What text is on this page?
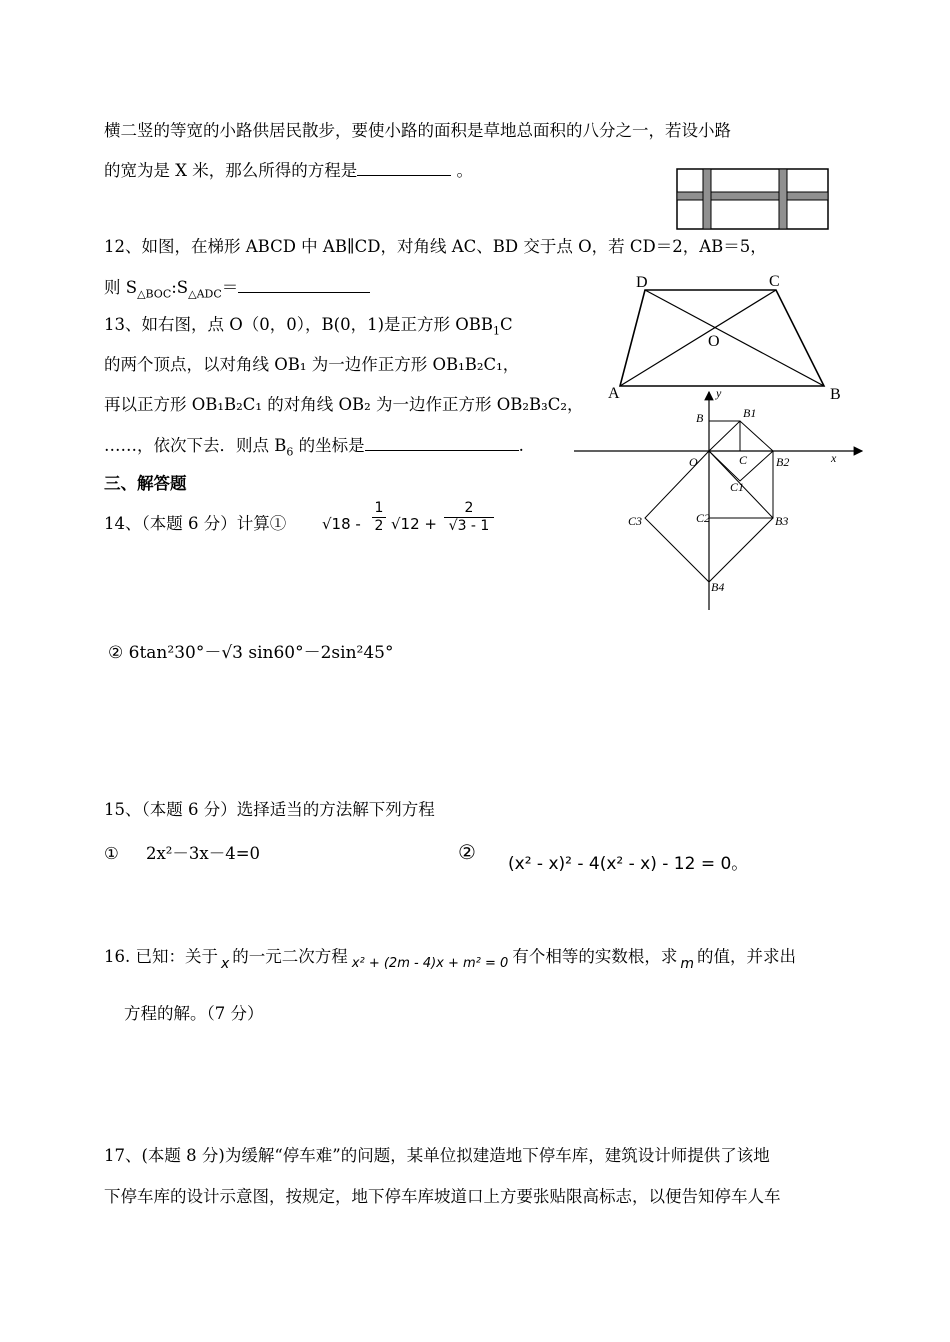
横二竖的等宽的小路供居民散步，要使小路的面积是草地总面积的八分之一，若设小路
的宽为是 X 米，那么所得的方程是	。
12、如图，在梯形 ABCD 中 AB∥CD，对角线 AC、BD 交于点 O，若 CD＝2，AB＝5，
则 $S_{\triangle BOC}:S_{\triangle ADC}=$	D	C
O
A	B
13、如右图，点 O（0，0），B(0，1)是正方形 $OBB_1C$
的两个顶点，以对角线 OB₁ 为一边作正方形 OB₁B₂C₁，
再以正方形 OB₁B₂C₁ 的对角线 OB₂ 为一边作正方形 OB₂B₃C₂，
……，依次下去．则点 $B_6$ 的坐标是	.
y
x
O
B	B1
C B2
C1
C2	B3
C3
B4
三、解答题
14、（本题 6 分）计算① $√18 - \frac{1}{2} √12 + \frac{2}{√3 - 1}$
② 6tan²30°－√3 sin60°－2sin²45°
15、（本题 6 分）选择适当的方法解下列方程
① 2x²－3x－4=0	② (x² - x)² - 4(x² - x) - 12 = 0。
16. 已知：关于 $_x$ 的一元二次方程 $_{x^2 + (2m - 4)x + m^2 = 0}$ 有个相等的实数根，求 $_m$ 的值，并求出
方程的解。（7 分）
17、(本题 8 分)为缓解“停车难”的问题，某单位拟建造地下停车库，建筑设计师提供了该地
下停车库的设计示意图，按规定，地下停车库坡道口上方要张贴限高标志，以便告知停车人车
